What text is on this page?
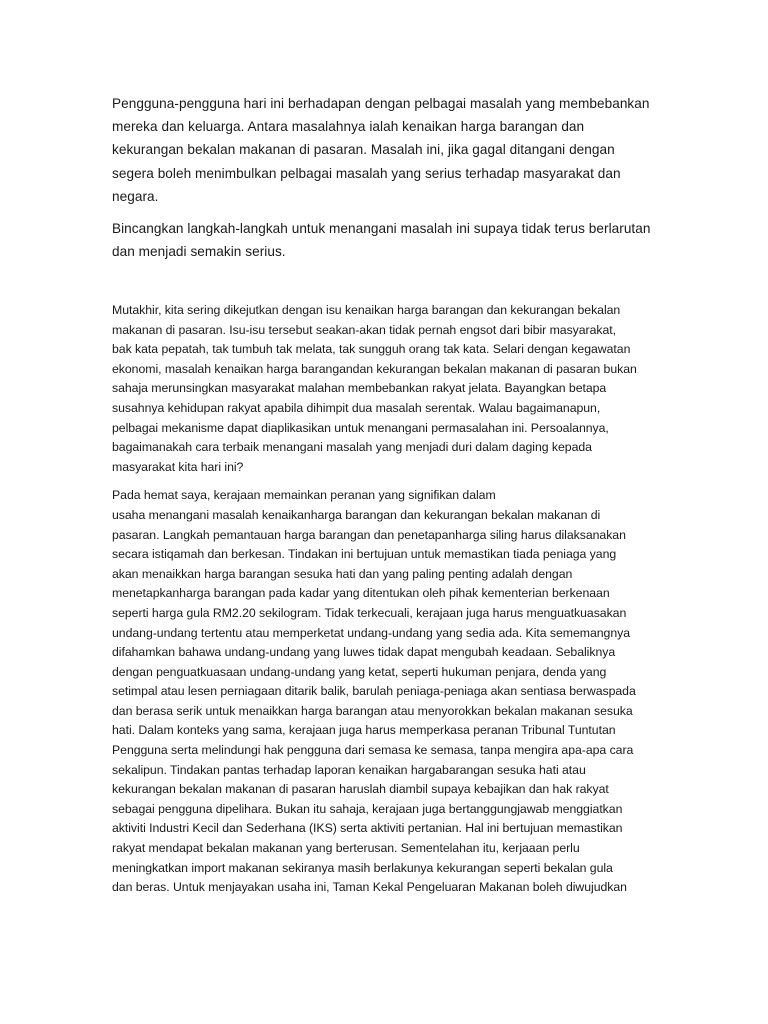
Pengguna-pengguna hari ini berhadapan dengan pelbagai masalah yang membebankan
mereka dan keluarga. Antara masalahnya ialah kenaikan harga barangan dan
kekurangan bekalan makanan di pasaran. Masalah ini, jika gagal ditangani dengan
segera boleh menimbulkan pelbagai masalah yang serius terhadap masyarakat dan
negara.

Bincangkan langkah-langkah untuk menangani masalah ini supaya tidak terus berlarutan
dan menjadi semakin serius.

Mutakhir, kita sering dikejutkan dengan isu kenaikan harga barangan dan kekurangan bekalan
makanan di pasaran. Isu-isu tersebut seakan-akan tidak pernah engsot dari bibir masyarakat,
bak kata pepatah, tak tumbuh tak melata, tak sungguh orang tak kata. Selari dengan kegawatan
ekonomi, masalah kenaikan harga barangandan kekurangan bekalan makanan di pasaran bukan
sahaja merunsingkan masyarakat malahan membebankan rakyat jelata. Bayangkan betapa
susahnya kehidupan rakyat apabila dihimpit dua masalah serentak. Walau bagaimanapun,
pelbagai mekanisme dapat diaplikasikan untuk menangani permasalahan ini. Persoalannya,
bagaimanakah cara terbaik menangani masalah yang menjadi duri dalam daging kepada
masyarakat kita hari ini?

Pada hemat saya, kerajaan memainkan peranan yang signifikan dalam
usaha menangani masalah kenaikanharga barangan dan kekurangan bekalan makanan di
pasaran. Langkah pemantauan harga barangan dan penetapanharga siling harus dilaksanakan
secara istiqamah dan berkesan. Tindakan ini bertujuan untuk memastikan tiada peniaga yang
akan menaikkan harga barangan sesuka hati dan yang paling penting adalah dengan
menetapkanharga barangan pada kadar yang ditentukan oleh pihak kementerian berkenaan
seperti harga gula RM2.20 sekilogram. Tidak terkecuali, kerajaan juga harus menguatkuasakan
undang-undang tertentu atau memperketat undang-undang yang sedia ada. Kita sememangnya
difahamkan bahawa undang-undang yang luwes tidak dapat mengubah keadaan. Sebaliknya
dengan penguatkuasaan undang-undang yang ketat, seperti hukuman penjara, denda yang
setimpal atau lesen perniagaan ditarik balik, barulah peniaga-peniaga akan sentiasa berwaspada
dan berasa serik untuk menaikkan harga barangan atau menyorokkan bekalan makanan sesuka
hati. Dalam konteks yang sama, kerajaan juga harus memperkasa peranan Tribunal Tuntutan
Pengguna serta melindungi hak pengguna dari semasa ke semasa, tanpa mengira apa-apa cara
sekalipun. Tindakan pantas terhadap laporan kenaikan hargabarangan sesuka hati atau
kekurangan bekalan makanan di pasaran haruslah diambil supaya kebajikan dan hak rakyat
sebagai pengguna dipelihara. Bukan itu sahaja, kerajaan juga bertanggungjawab menggiatkan
aktiviti Industri Kecil dan Sederhana (IKS) serta aktiviti pertanian. Hal ini bertujuan memastikan
rakyat mendapat bekalan makanan yang berterusan. Sementelahan itu, kerjaaan perlu
meningkatkan import makanan sekiranya masih berlakunya kekurangan seperti bekalan gula
dan beras. Untuk menjayakan usaha ini, Taman Kekal Pengeluaran Makanan boleh diwujudkan
